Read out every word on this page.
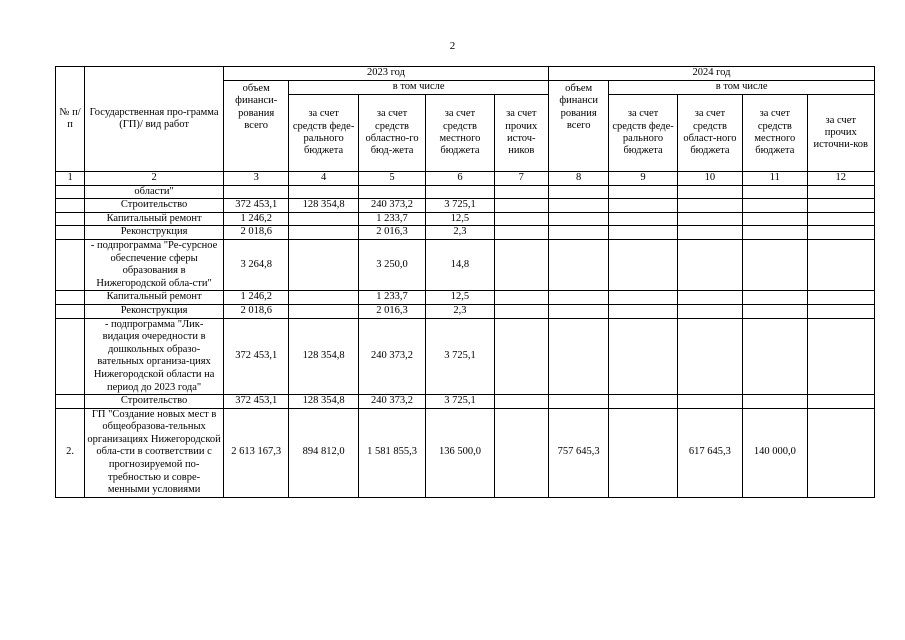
2
№ п/п	Государственная про-грамма (ГП)/ вид работ	2023 год					2024 год				
		объем финанси-рования всего	в том числе				объем финанси рования всего	в том числе			
			за счет средств феде-рального бюджета	за счет средств областно-го бюд-жета	за счет средств местного бюджета	за счет прочих источ-ников		за счет средств феде-рального бюджета	за счет средств област-ного бюджета	за счет средств местного бюджета	за счет прочих источни-ков
1	2	3	4	5	6	7	8	9	10	11	12
	области"										
	Строительство	372 453,1	128 354,8	240 373,2	3 725,1						
	Капитальный ремонт	1 246,2		1 233,7	12,5						
	Реконструкция	2 018,6		2 016,3	2,3						
	- подпрограмма "Ре-сурсное обеспечение сферы образования в Нижегородской обла-сти"	3 264,8		3 250,0	14,8						
	Капитальный ремонт	1 246,2		1 233,7	12,5						
	Реконструкция	2 018,6		2 016,3	2,3						
	- подпрограмма "Лик-видация очередности в дошкольных образо-вательных организа-циях Нижегородской области на период до 2023 года"	372 453,1	128 354,8	240 373,2	3 725,1						
	Строительство	372 453,1	128 354,8	240 373,2	3 725,1						
2.	ГП "Создание новых мест в общеобразова-тельных организациях Нижегородской обла-сти в соответствии с прогнозируемой по-требностью и совре-менными условиями	2 613 167,3	894 812,0	1 581 855,3	136 500,0		757 645,3		617 645,3	140 000,0	
